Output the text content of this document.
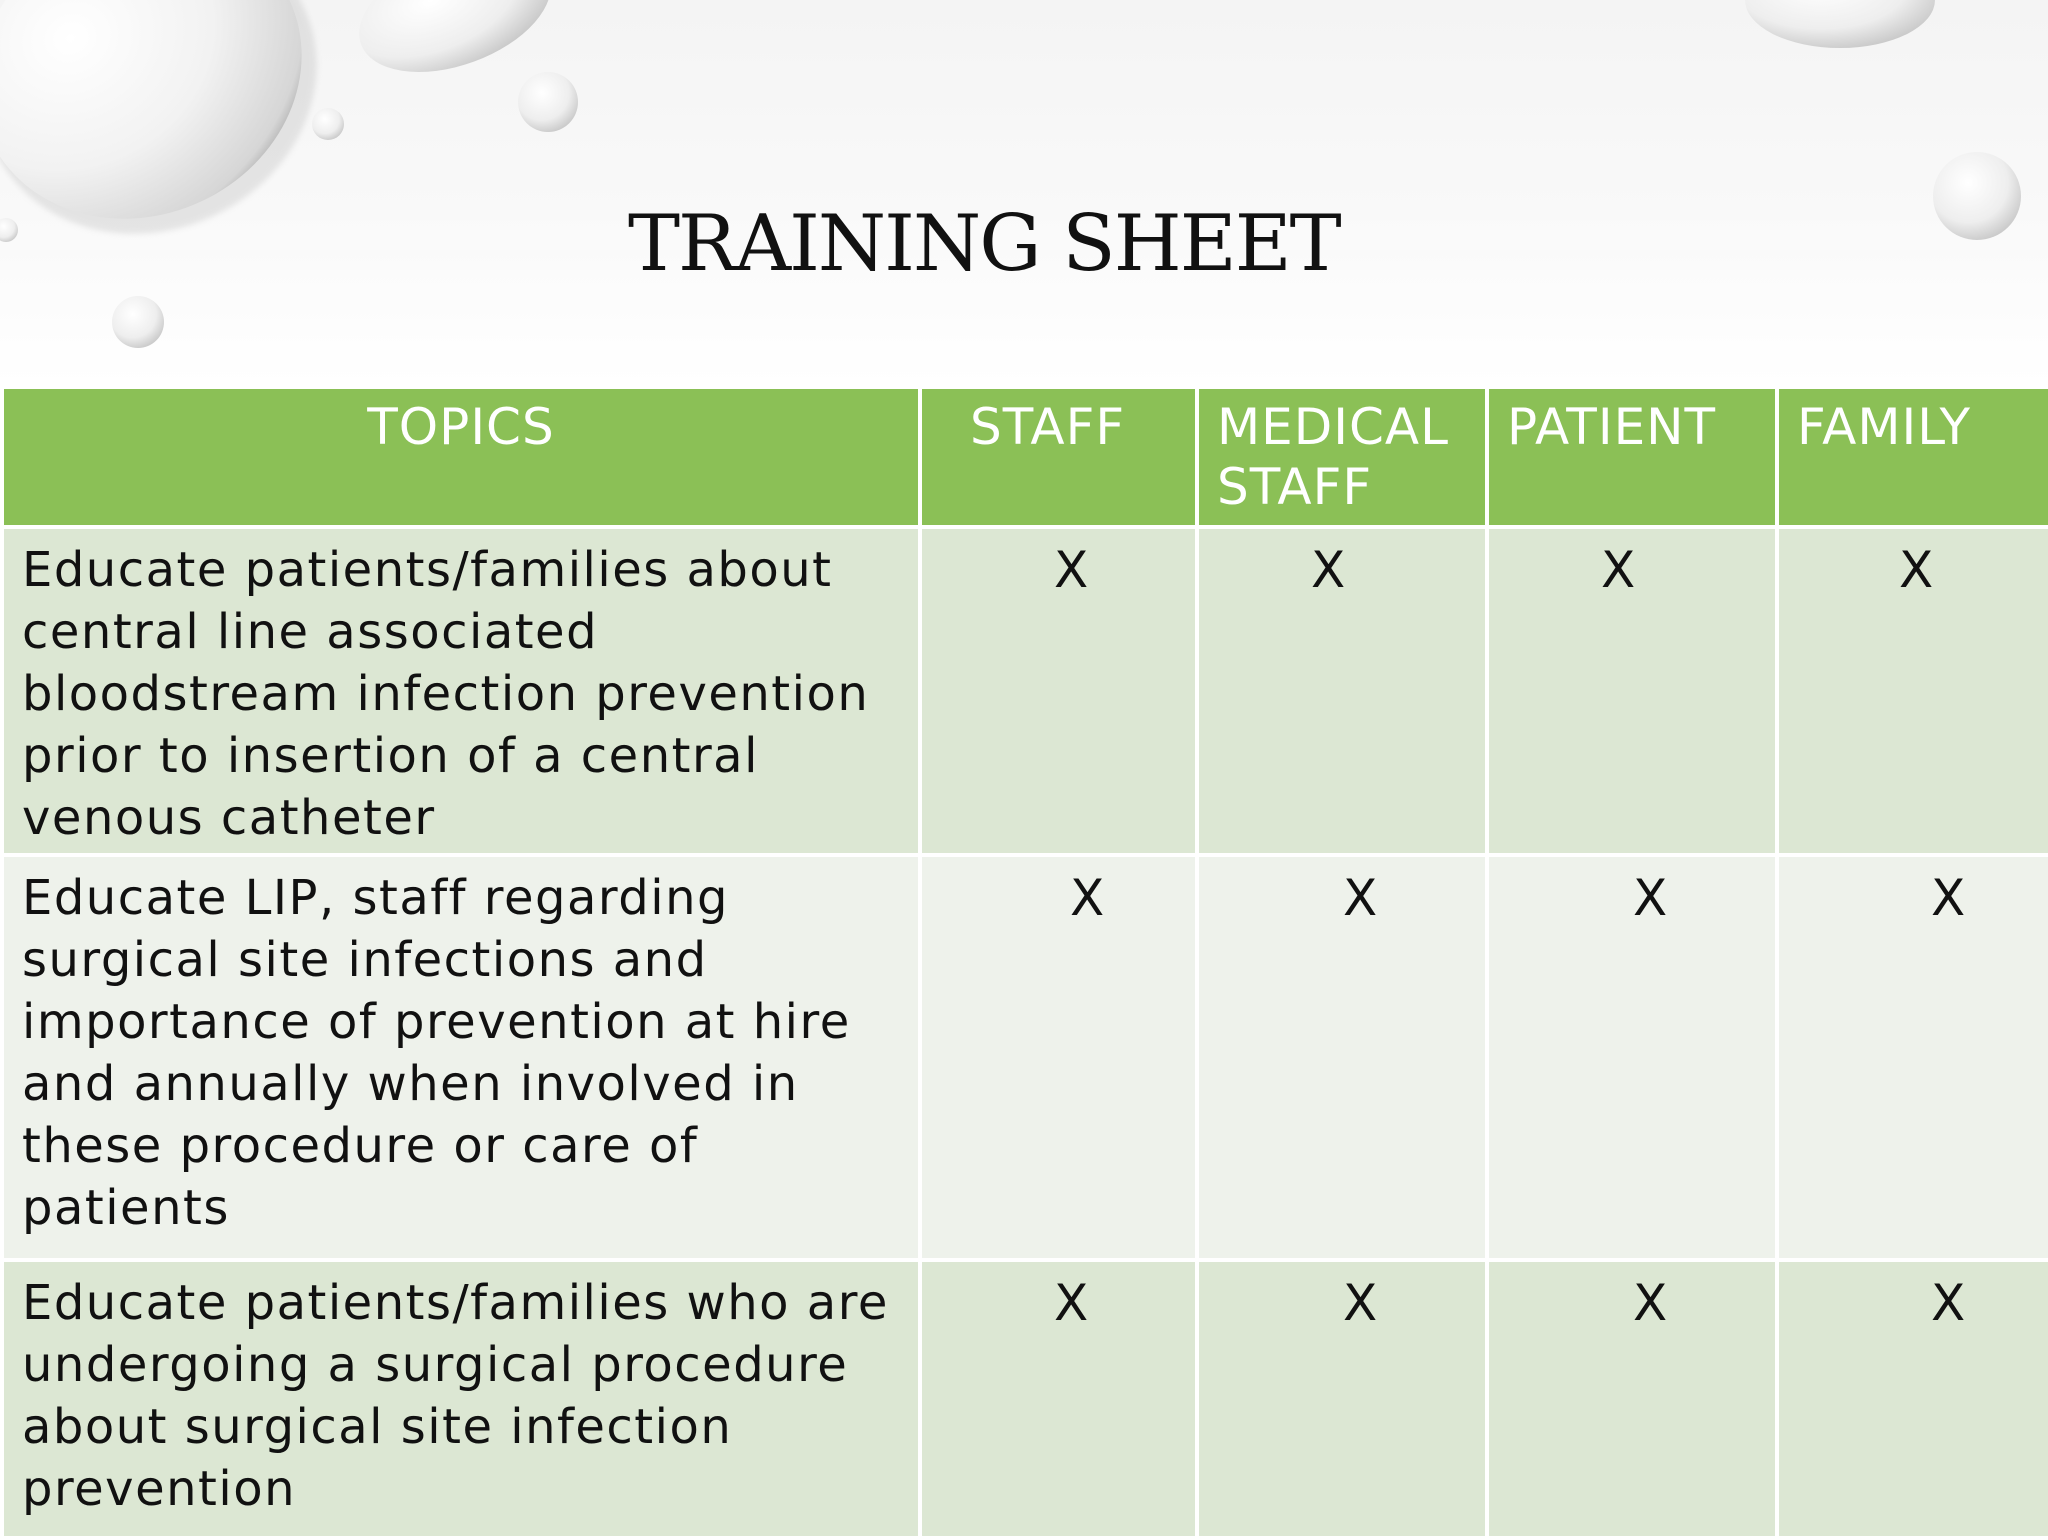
TRAINING SHEET
TOPICS	STAFF	MEDICAL STAFF	PATIENT	FAMILY
Educate patients/families about central line associated bloodstream infection prevention prior to insertion of a central venous catheter	X	X	X	X

Educate LIP, staff regarding surgical site infections and importance of prevention at hire and annually when involved in these procedure or care of patients	X	X	X	X

Educate patients/families who are undergoing a surgical procedure about surgical site infection prevention	X	X	X	X
